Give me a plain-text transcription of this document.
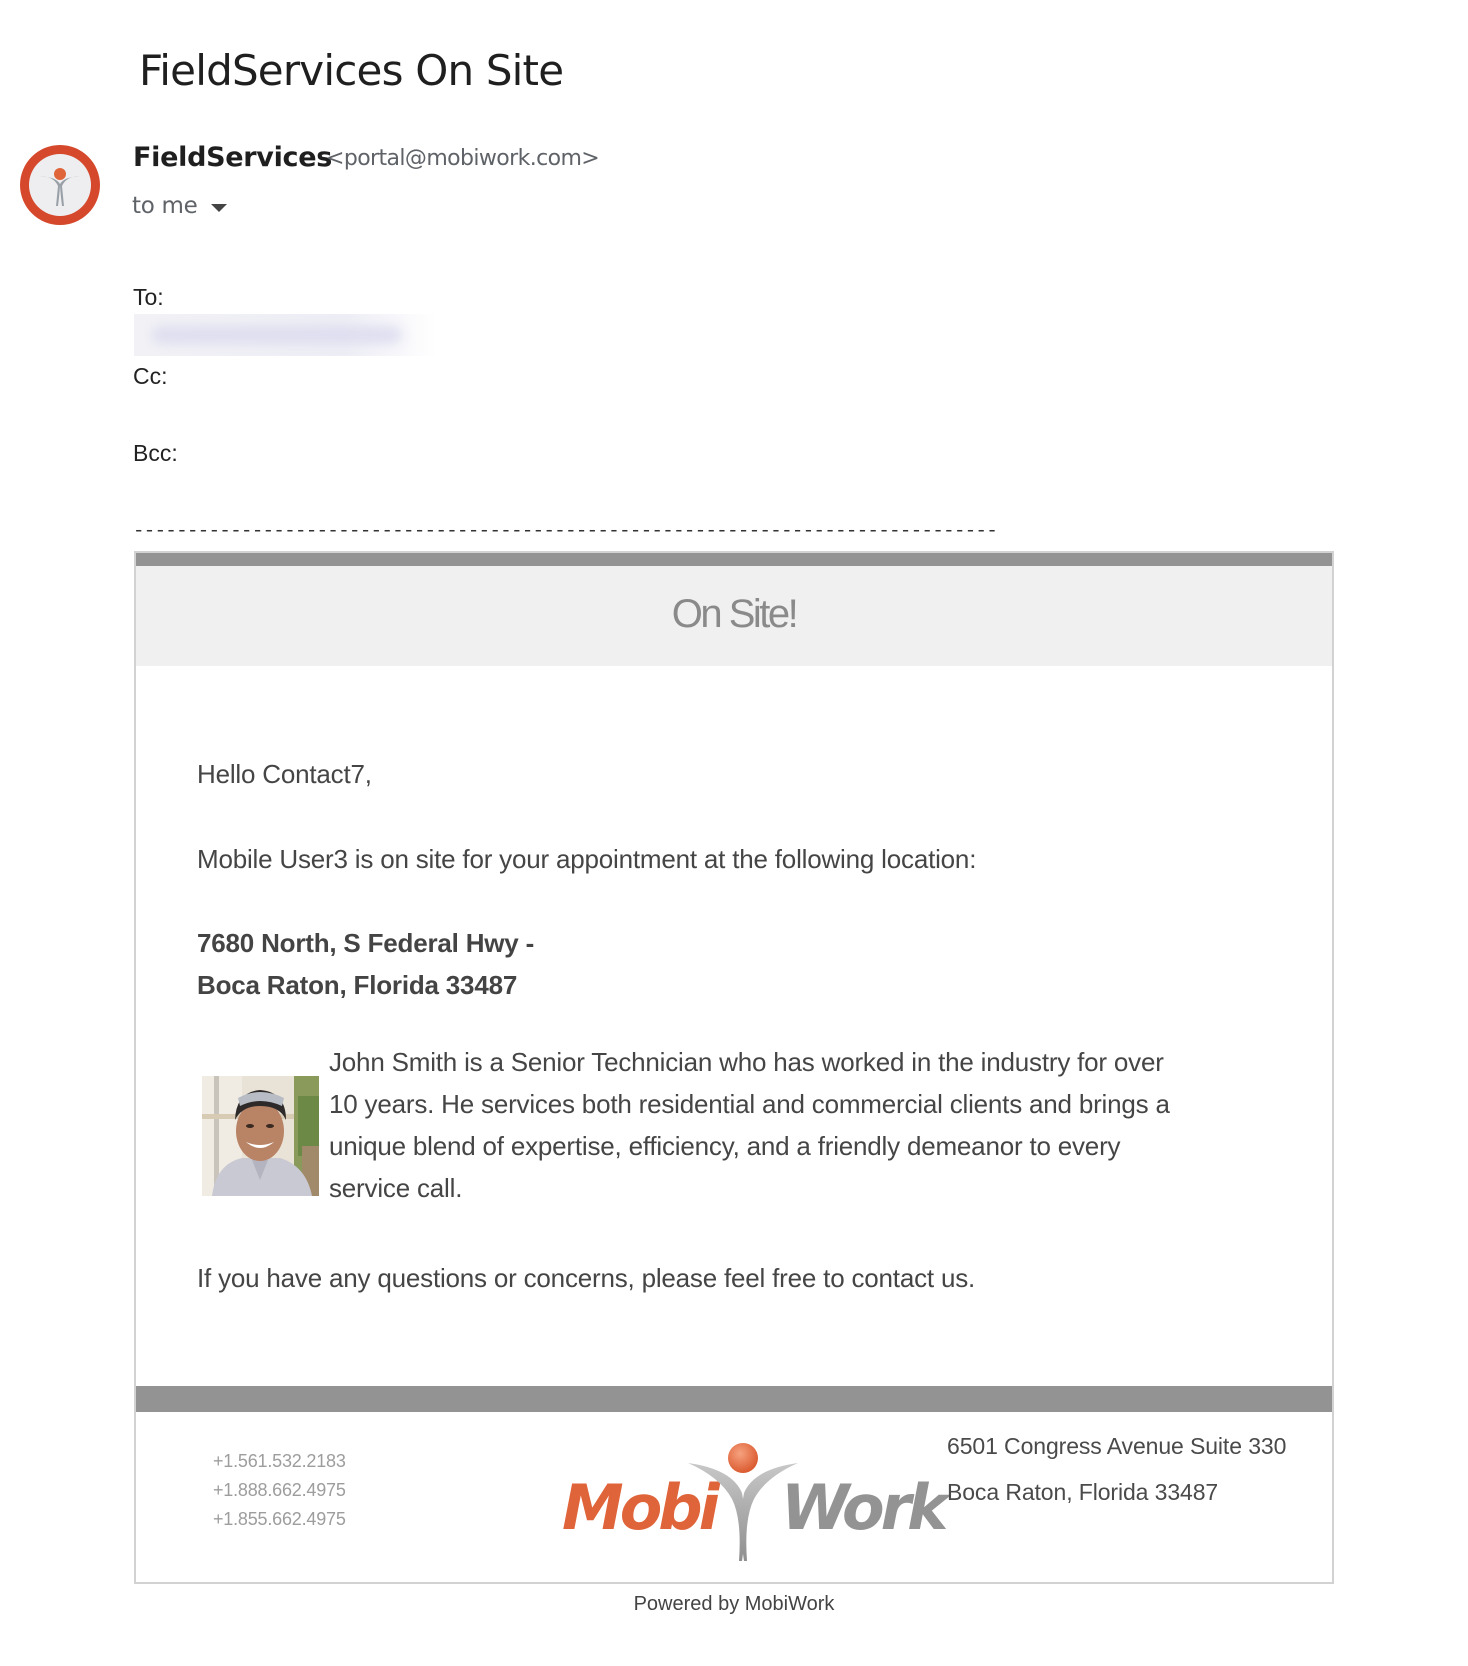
FieldServices On Site
FieldServices
<portal@mobiwork.com>
to me
To:
Cc:
Bcc:
--------------------------------------------------------------------------------
On Site!
Hello Contact7,
Mobile User3 is on site for your appointment at the following location:
7680 North, S Federal Hwy -
Boca Raton, Florida 33487
John Smith is a Senior Technician who has worked in the industry for over
10 years. He services both residential and commercial clients and brings a
unique blend of expertise, efficiency, and a friendly demeanor to every
service call.
If you have any questions or concerns, please feel free to contact us.
+1.561.532.2183
+1.888.662.4975
+1.855.662.4975	Mobi Work
6501 Congress Avenue Suite 330
Boca Raton, Florida 33487
Powered by MobiWork
